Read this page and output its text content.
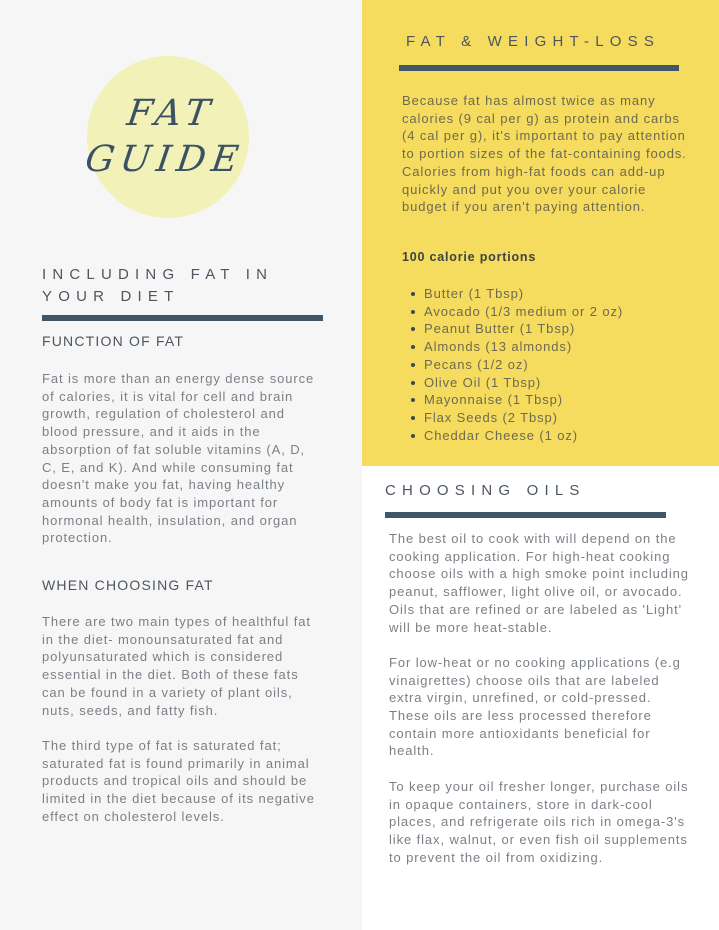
FAT
GUIDE
INCLUDING FAT IN YOUR DIET
FUNCTION OF FAT

Fat is more than an energy dense source of calories, it is vital for cell and brain growth, regulation of cholesterol and blood pressure, and it aids in the absorption of fat soluble vitamins (A, D, C, E, and K). And while consuming fat doesn't make you fat, having healthy amounts of body fat is important for hormonal health, insulation, and organ protection.

WHEN CHOOSING FAT

There are two main types of healthful fat in the diet- monounsaturated fat and polyunsaturated which is considered essential in the diet. Both of these fats can be found in a variety of plant oils, nuts, seeds, and fatty fish.

The third type of fat is saturated fat; saturated fat is found primarily in animal products and tropical oils and should be limited in the diet because of its negative effect on cholesterol levels.

FAT & WEIGHT-LOSS

Because fat has almost twice as many calories (9 cal per g) as protein and carbs (4 cal per g), it's important to pay attention to portion sizes of the fat-containing foods. Calories from high-fat foods can add-up quickly and put you over your calorie budget if you aren't paying attention.

100 calorie portions
Butter (1 Tbsp)
Avocado (1/3 medium or 2 oz)
Peanut Butter (1 Tbsp)
Almonds (13 almonds)
Pecans (1/2 oz)
Olive Oil (1 Tbsp)
Mayonnaise (1 Tbsp)
Flax Seeds (2 Tbsp)
Cheddar Cheese (1 oz)
CHOOSING OILS

The best oil to cook with will depend on the cooking application. For high-heat cooking choose oils with a high smoke point including peanut, safflower, light olive oil, or avocado. Oils that are refined or are labeled as 'Light' will be more heat-stable.

For low-heat or no cooking applications (e.g vinaigrettes) choose oils that are labeled extra virgin, unrefined, or cold-pressed. These oils are less processed therefore contain more antioxidants beneficial for health.

To keep your oil fresher longer, purchase oils in opaque containers, store in dark-cool places, and refrigerate oils rich in omega-3's like flax, walnut, or even fish oil supplements to prevent the oil from oxidizing.
